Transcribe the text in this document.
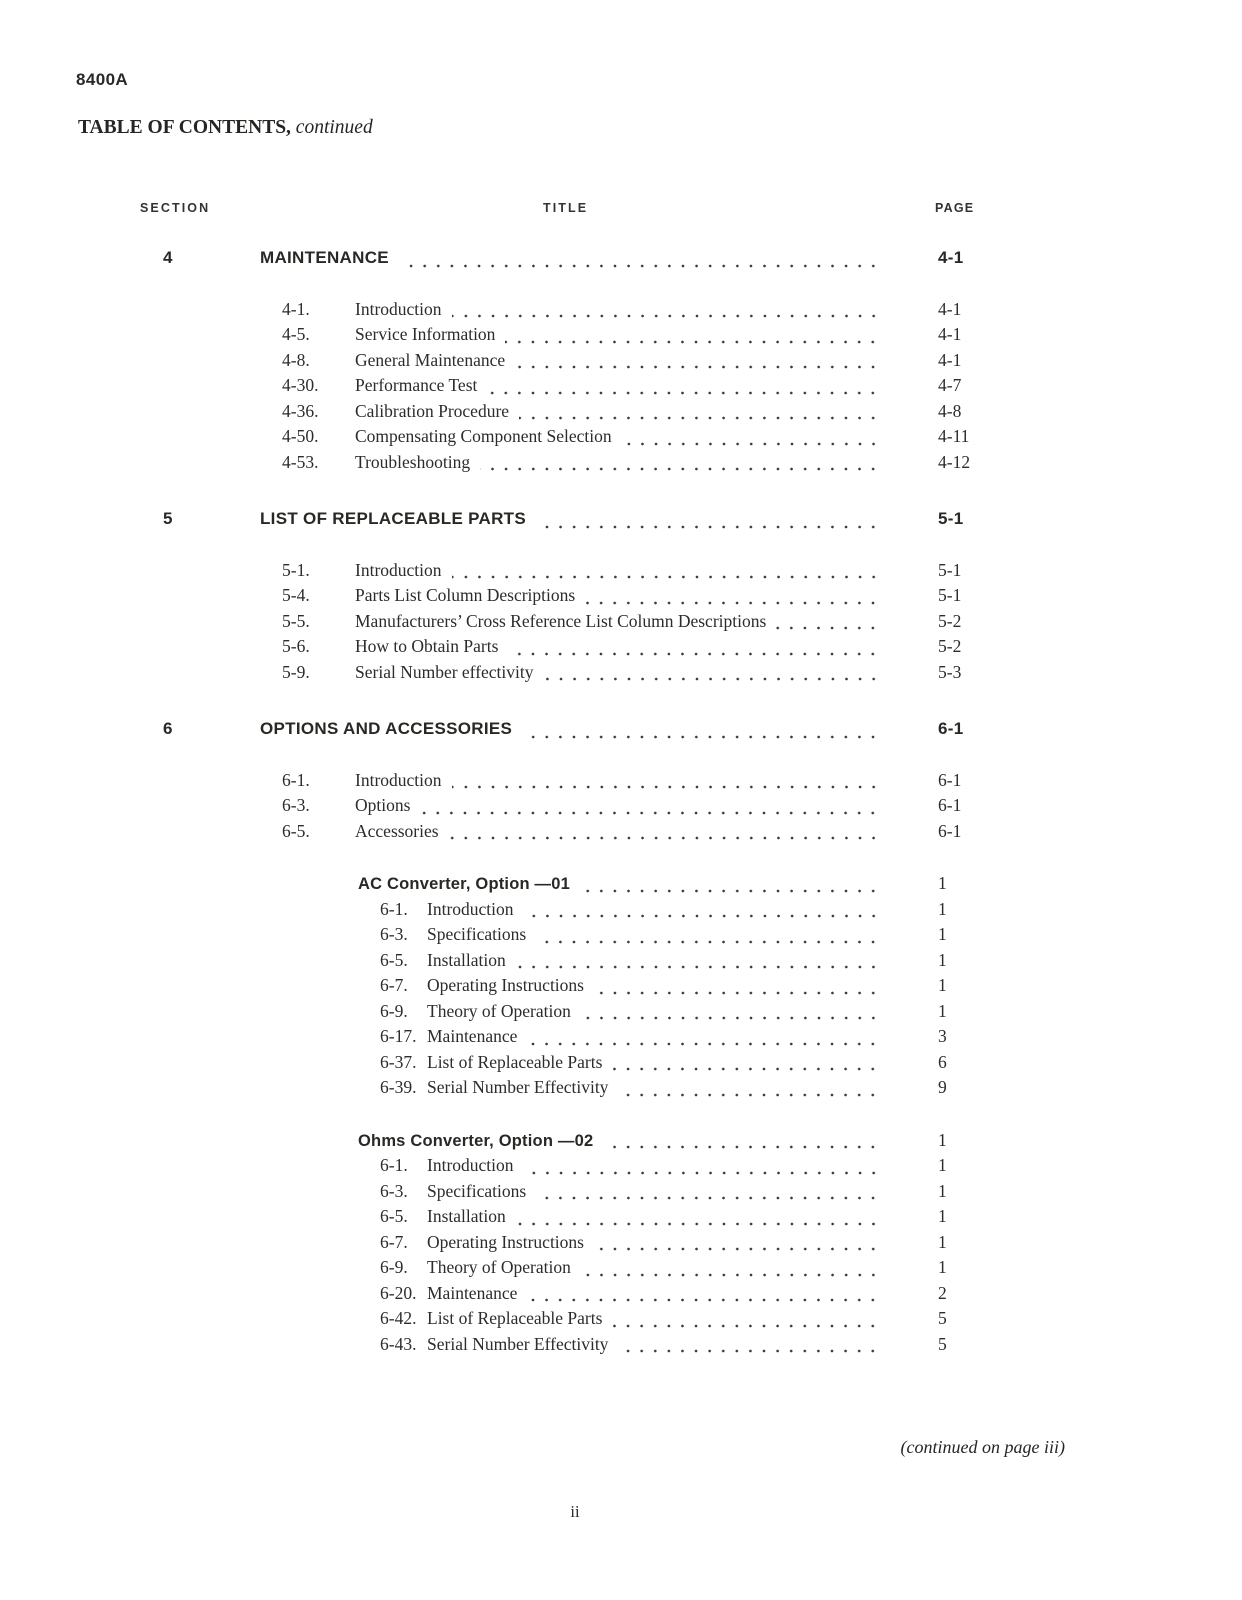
8400A
TABLE OF CONTENTS, continued
SECTION	TITLE	PAGE
4	MAINTENANCE	4-1
4-1.	Introduction	4-1
4-5.	Service Information	4-1
4-8.	General Maintenance	4-1
4-30.	Performance Test	4-7
4-36.	Calibration Procedure	4-8
4-50.	Compensating Component Selection	4-11
4-53.	Troubleshooting	4-12
5	LIST OF REPLACEABLE PARTS	5-1
5-1.	Introduction	5-1
5-4.	Parts List Column Descriptions	5-1
5-5.	Manufacturers’ Cross Reference List Column Descriptions	5-2
5-6.	How to Obtain Parts	5-2
5-9.	Serial Number effectivity	5-3
6	OPTIONS AND ACCESSORIES	6-1
6-1.	Introduction	6-1
6-3.	Options	6-1
6-5.	Accessories	6-1
AC Converter, Option —01	1
6-1.	Introduction	1
6-3.	Specifications	1
6-5.	Installation	1
6-7.	Operating Instructions	1
6-9.	Theory of Operation	1
6-17. Maintenance	3
6-37. List of Replaceable Parts	6
6-39. Serial Number Effectivity	9
Ohms Converter, Option —02	1
6-1.	Introduction	1
6-3.	Specifications	1
6-5.	Installation	1
6-7.	Operating Instructions	1
6-9.	Theory of Operation	1
6-20. Maintenance	2
6-42. List of Replaceable Parts	5
6-43. Serial Number Effectivity	5
(continued on page iii)
ii
